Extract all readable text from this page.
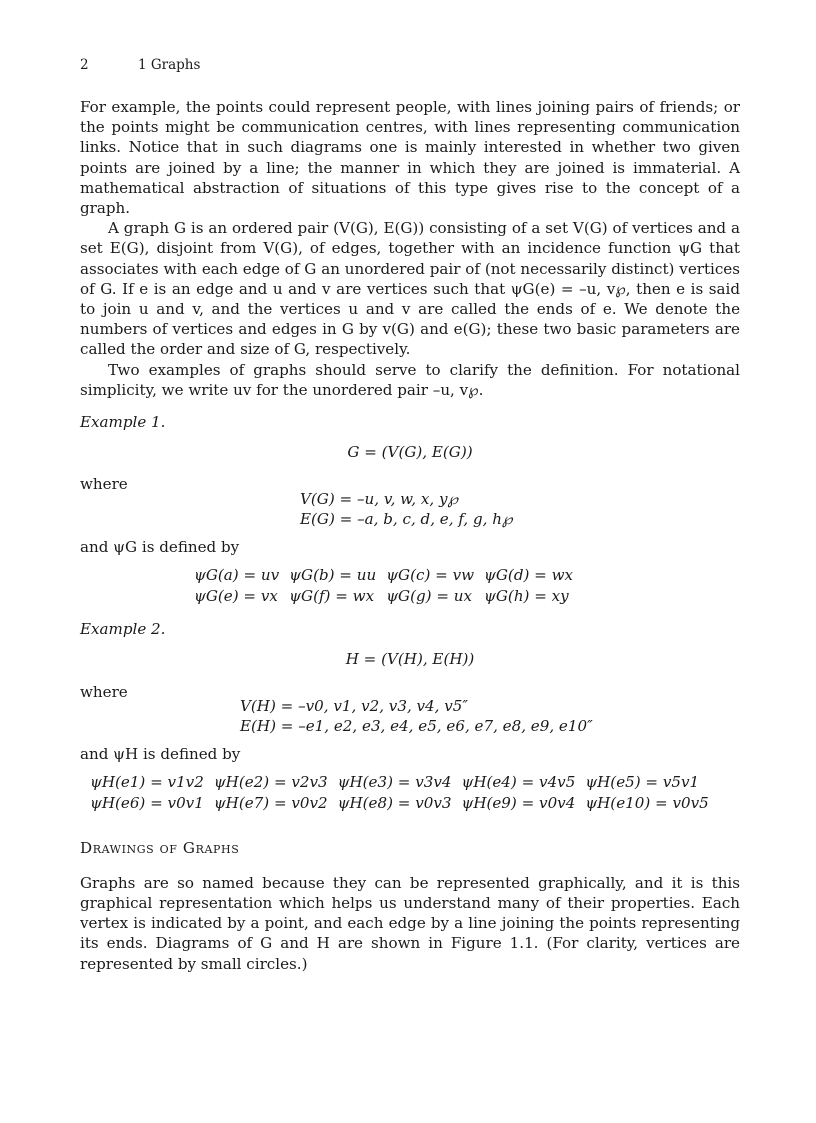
2	1 Graphs

For example, the points could represent people, with lines joining pairs of friends; or the points might be communication centres, with lines representing communication links. Notice that in such diagrams one is mainly interested in whether two given points are joined by a line; the manner in which they are joined is immaterial. A mathematical abstraction of situations of this type gives rise to the concept of a graph.

A graph G is an ordered pair (V(G), E(G)) consisting of a set V(G) of vertices and a set E(G), disjoint from V(G), of edges, together with an incidence function ψG that associates with each edge of G an unordered pair of (not necessarily distinct) vertices of G. If e is an edge and u and v are vertices such that ψG(e) = –u, v℘, then e is said to join u and v, and the vertices u and v are called the ends of e. We denote the numbers of vertices and edges in G by v(G) and e(G); these two basic parameters are called the order and size of G, respectively.

Two examples of graphs should serve to clarify the definition. For notational simplicity, we write uv for the unordered pair –u, v℘.

Example 1.
G = (V(G), E(G))
where
V(G) = –u, v, w, x, y℘
E(G) = –a, b, c, d, e, f, g, h℘
and ψG is defined by
ψG(a) = uv	ψG(b) = uu	ψG(c) = vw	ψG(d) = wx
ψG(e) = vx	ψG(f) = wx	ψG(g) = ux	ψG(h) = xy
Example 2.
H = (V(H), E(H))
where
V(H) = –v0, v1, v2, v3, v4, v5″
E(H) = –e1, e2, e3, e4, e5, e6, e7, e8, e9, e10″
and ψH is defined by
ψH(e1) = v1v2	ψH(e2) = v2v3	ψH(e3) = v3v4	ψH(e4) = v4v5	ψH(e5) = v5v1
ψH(e6) = v0v1	ψH(e7) = v0v2	ψH(e8) = v0v3	ψH(e9) = v0v4	ψH(e10) = v0v5
Drawings of Graphs

Graphs are so named because they can be represented graphically, and it is this graphical representation which helps us understand many of their properties. Each vertex is indicated by a point, and each edge by a line joining the points representing its ends. Diagrams of G and H are shown in Figure 1.1. (For clarity, vertices are represented by small circles.)
